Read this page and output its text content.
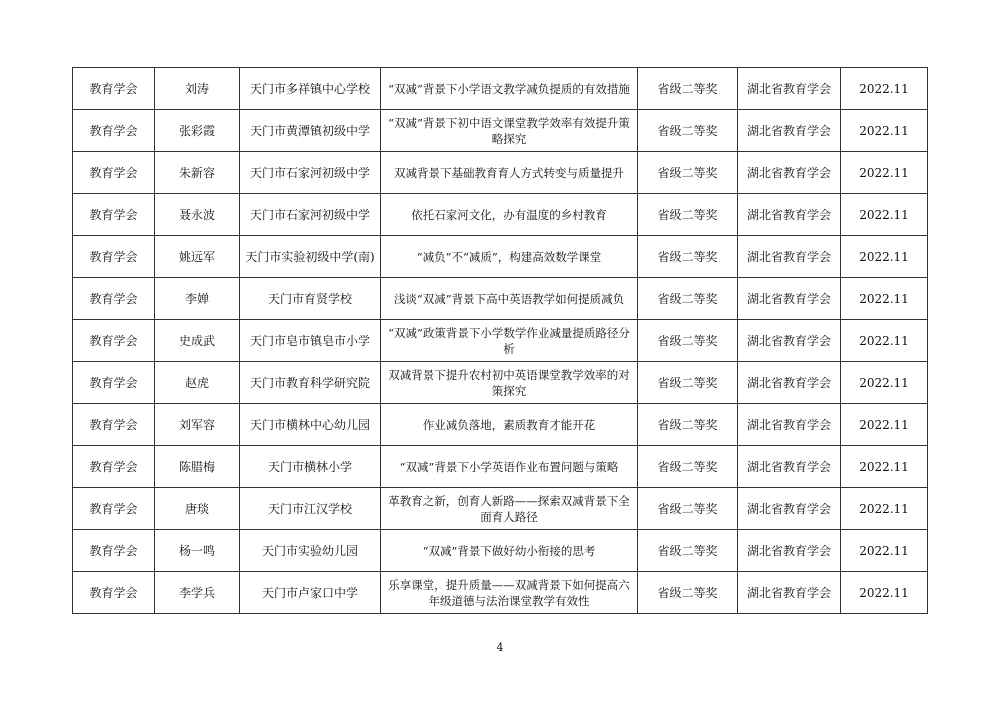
教育学会	刘涛	天门市多祥镇中心学校	“双减”背景下小学语文教学减负提质的有效措施	省级二等奖	湖北省教育学会	2022.11
教育学会	张彩霞	天门市黄潭镇初级中学	“双减”背景下初中语文课堂教学效率有效提升策略探究	省级二等奖	湖北省教育学会	2022.11
教育学会	朱新容	天门市石家河初级中学	双减背景下基础教育育人方式转变与质量提升	省级二等奖	湖北省教育学会	2022.11
教育学会	聂永波	天门市石家河初级中学	依托石家河文化，办有温度的乡村教育	省级二等奖	湖北省教育学会	2022.11
教育学会	姚远军	天门市实验初级中学(南)	“减负”不“减质”，构建高效数学课堂	省级二等奖	湖北省教育学会	2022.11
教育学会	李婵	天门市育贤学校	浅谈“双减”背景下高中英语教学如何提质减负	省级二等奖	湖北省教育学会	2022.11
教育学会	史成武	天门市皂市镇皂市小学	“双减”政策背景下小学数学作业减量提质路径分析	省级二等奖	湖北省教育学会	2022.11
教育学会	赵虎	天门市教育科学研究院	双减背景下提升农村初中英语课堂教学效率的对策探究	省级二等奖	湖北省教育学会	2022.11
教育学会	刘军容	天门市横林中心幼儿园	作业减负落地，素质教育才能开花	省级二等奖	湖北省教育学会	2022.11
教育学会	陈腊梅	天门市横林小学	“双减”背景下小学英语作业布置问题与策略	省级二等奖	湖北省教育学会	2022.11
教育学会	唐琰	天门市江汉学校	革教育之新，创育人新路——探索双减背景下全面育人路径	省级二等奖	湖北省教育学会	2022.11
教育学会	杨一鸣	天门市实验幼儿园	“双减”背景下做好幼小衔接的思考	省级二等奖	湖北省教育学会	2022.11
教育学会	李学兵	天门市卢家口中学	乐享课堂，提升质量——双减背景下如何提高六年级道德与法治课堂教学有效性	省级二等奖	湖北省教育学会	2022.11
4
